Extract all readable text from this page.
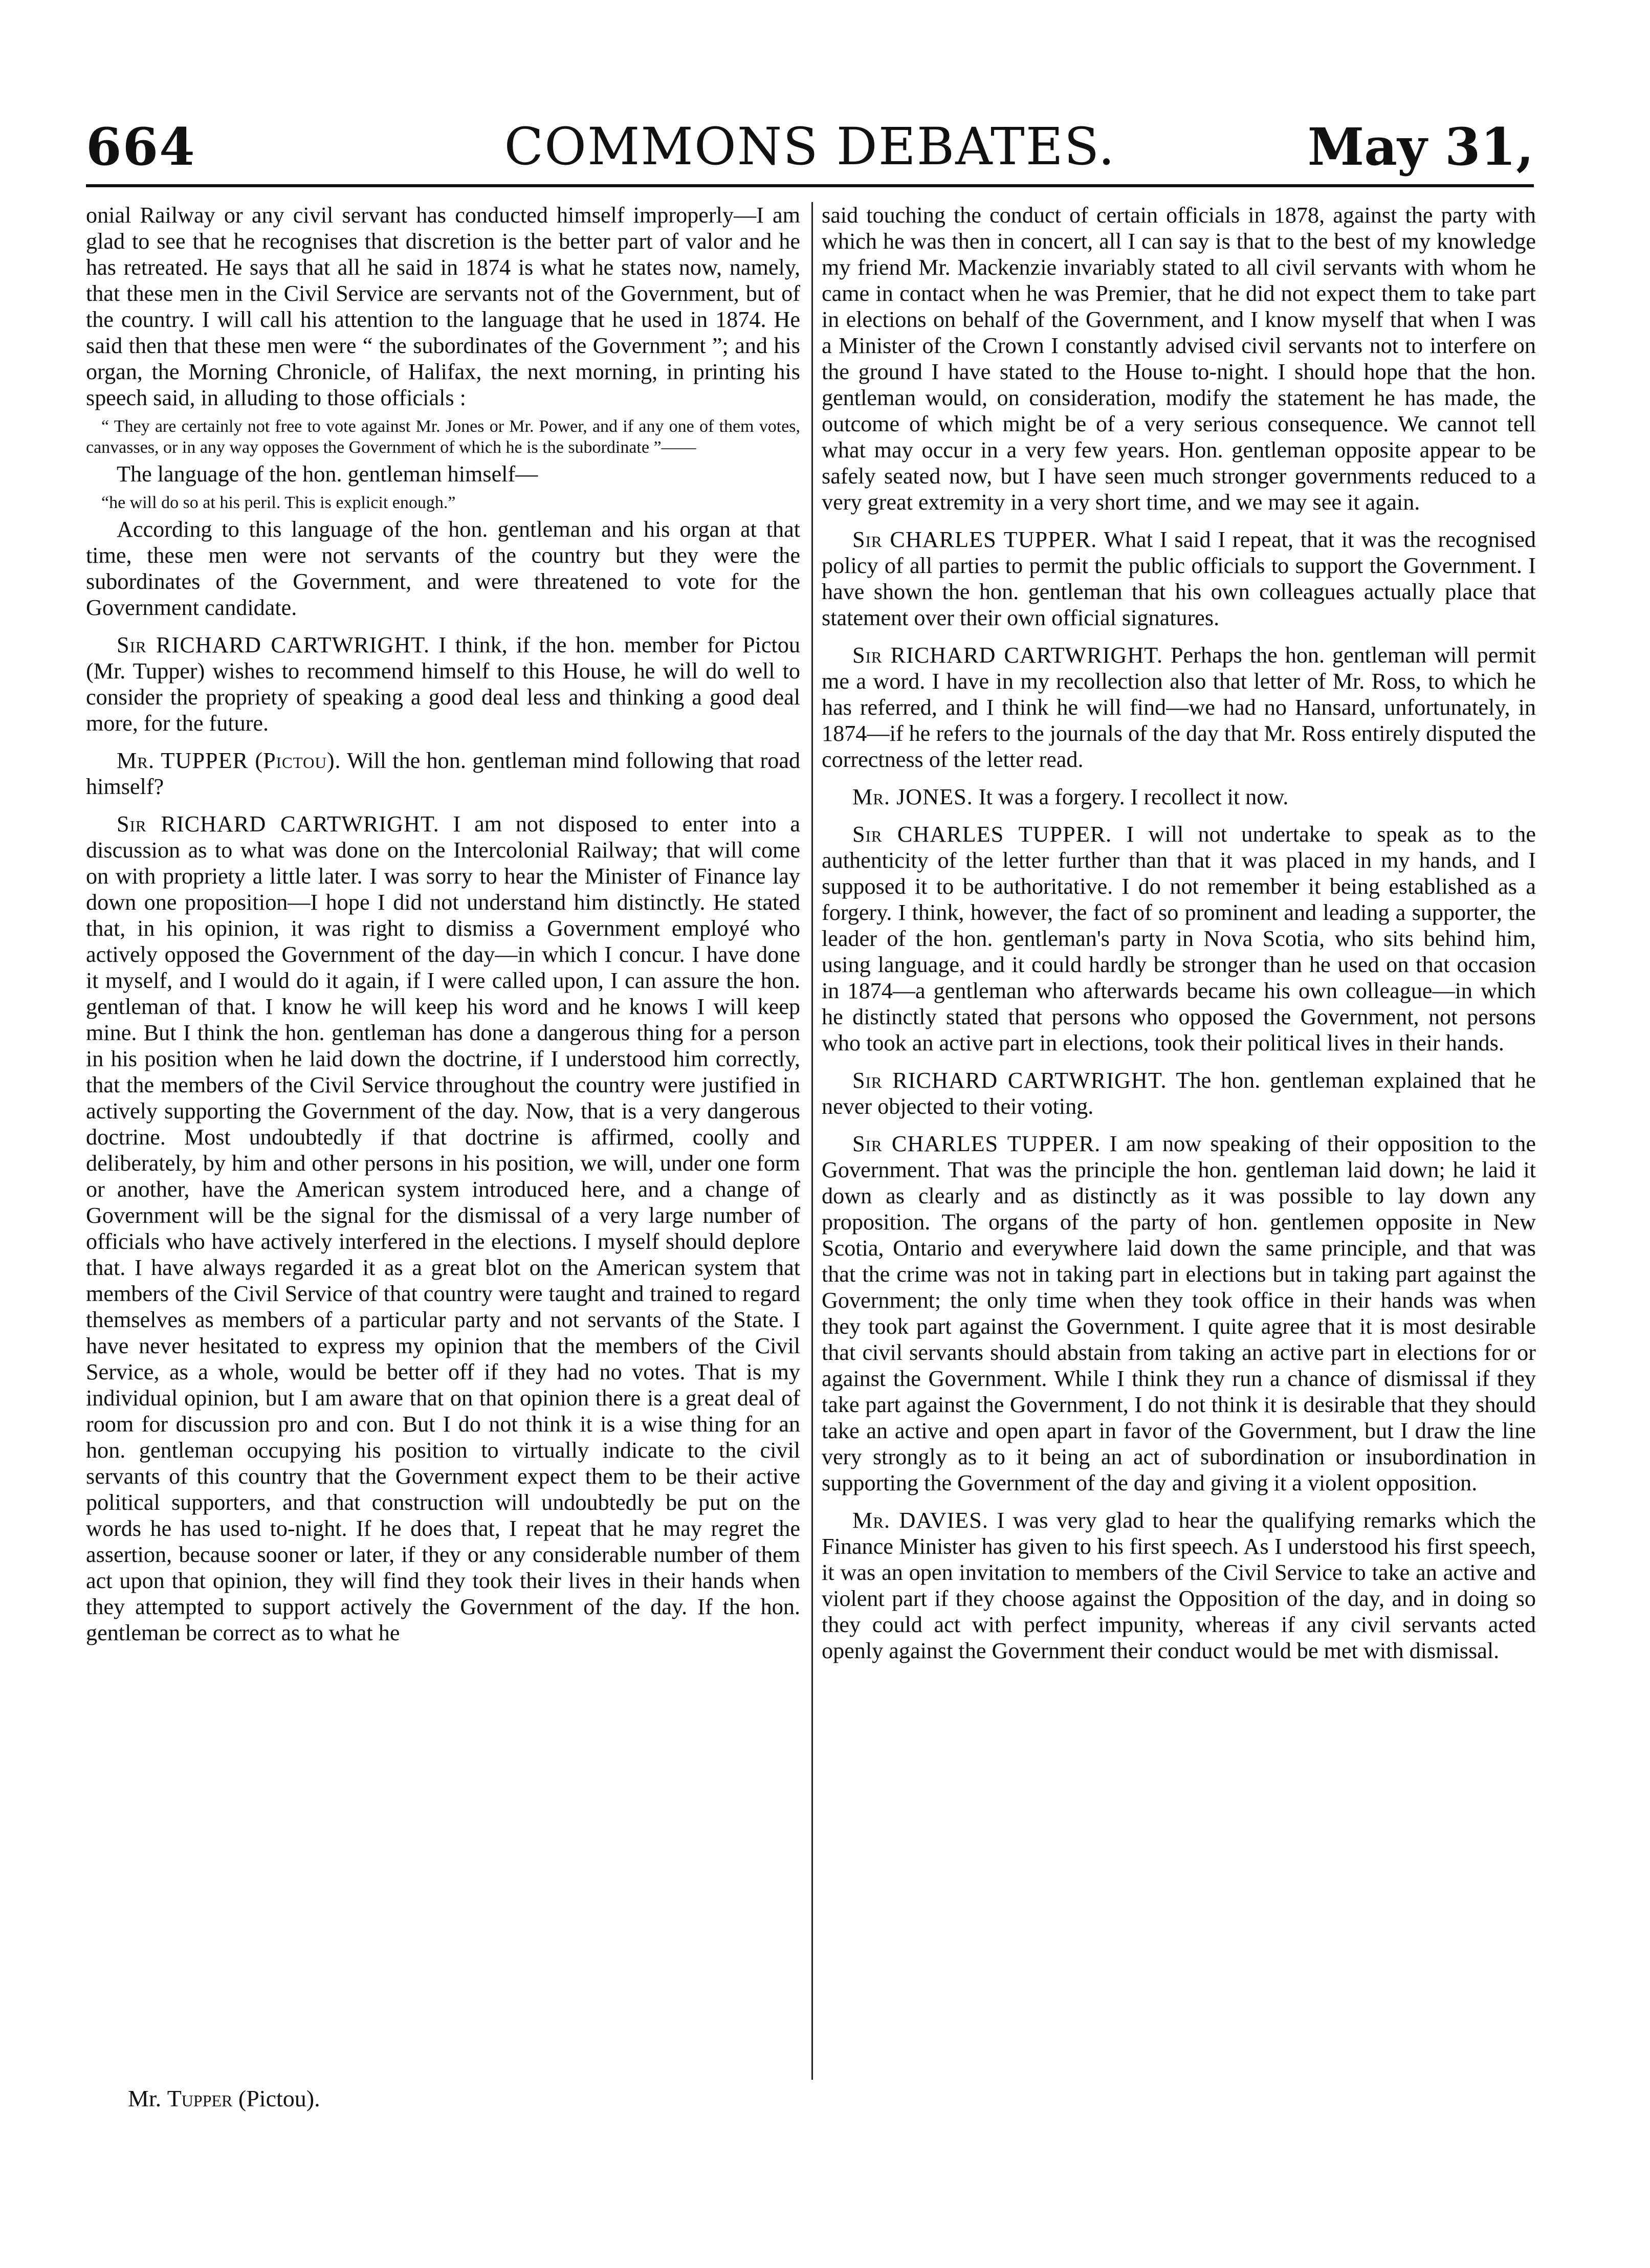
664	COMMONS DEBATES.	May 31,

onial Railway or any civil servant has conducted himself improperly—I am glad to see that he recognises that discretion is the better part of valor and he has retreated. He says that all he said in 1874 is what he states now, namely, that these men in the Civil Service are servants not of the Government, but of the country. I will call his attention to the language that he used in 1874. He said then that these men were “ the subordinates of the Government ”; and his organ, the Morning Chronicle, of Halifax, the next morning, in printing his speech said, in alluding to those officials :

“ They are certainly not free to vote against Mr. Jones or Mr. Power, and if any one of them votes, canvasses, or in any way opposes the Government of which he is the subordinate ”——

The language of the hon. gentleman himself—

“he will do so at his peril. This is explicit enough.”

According to this language of the hon. gentleman and his organ at that time, these men were not servants of the country but they were the subordinates of the Government, and were threatened to vote for the Government candidate.

Sir RICHARD CARTWRIGHT. I think, if the hon. member for Pictou (Mr. Tupper) wishes to recommend himself to this House, he will do well to consider the propriety of speaking a good deal less and thinking a good deal more, for the future.

Mr. TUPPER (Pictou). Will the hon. gentleman mind following that road himself?

Sir RICHARD CARTWRIGHT. I am not disposed to enter into a discussion as to what was done on the Intercolonial Railway; that will come on with propriety a little later. I was sorry to hear the Minister of Finance lay down one proposition—I hope I did not understand him distinctly. He stated that, in his opinion, it was right to dismiss a Government employé who actively opposed the Government of the day—in which I concur. I have done it myself, and I would do it again, if I were called upon, I can assure the hon. gentleman of that. I know he will keep his word and he knows I will keep mine. But I think the hon. gentleman has done a dangerous thing for a person in his position when he laid down the doctrine, if I understood him correctly, that the members of the Civil Service throughout the country were justified in actively supporting the Government of the day. Now, that is a very dangerous doctrine. Most undoubtedly if that doctrine is affirmed, coolly and deliberately, by him and other persons in his position, we will, under one form or another, have the American system introduced here, and a change of Government will be the signal for the dismissal of a very large number of officials who have actively interfered in the elections. I myself should deplore that. I have always regarded it as a great blot on the American system that members of the Civil Service of that country were taught and trained to regard themselves as members of a particular party and not servants of the State. I have never hesitated to express my opinion that the members of the Civil Service, as a whole, would be better off if they had no votes. That is my individual opinion, but I am aware that on that opinion there is a great deal of room for discussion pro and con. But I do not think it is a wise thing for an hon. gentleman occupying his position to virtually indicate to the civil servants of this country that the Government expect them to be their active political supporters, and that construction will undoubtedly be put on the words he has used to-night. If he does that, I repeat that he may regret the assertion, because sooner or later, if they or any considerable number of them act upon that opinion, they will find they took their lives in their hands when they attempted to support actively the Government of the day. If the hon. gentleman be correct as to what he

said touching the conduct of certain officials in 1878, against the party with which he was then in concert, all I can say is that to the best of my knowledge my friend Mr. Mackenzie invariably stated to all civil servants with whom he came in contact when he was Premier, that he did not expect them to take part in elections on behalf of the Government, and I know myself that when I was a Minister of the Crown I constantly advised civil servants not to interfere on the ground I have stated to the House to-night. I should hope that the hon. gentleman would, on consideration, modify the statement he has made, the outcome of which might be of a very serious consequence. We cannot tell what may occur in a very few years. Hon. gentleman opposite appear to be safely seated now, but I have seen much stronger governments reduced to a very great extremity in a very short time, and we may see it again.

Sir CHARLES TUPPER. What I said I repeat, that it was the recognised policy of all parties to permit the public officials to support the Government. I have shown the hon. gentleman that his own colleagues actually place that statement over their own official signatures.

Sir RICHARD CARTWRIGHT. Perhaps the hon. gentleman will permit me a word. I have in my recollection also that letter of Mr. Ross, to which he has referred, and I think he will find—we had no Hansard, unfortunately, in 1874—if he refers to the journals of the day that Mr. Ross entirely disputed the correctness of the letter read.

Mr. JONES. It was a forgery. I recollect it now.

Sir CHARLES TUPPER. I will not undertake to speak as to the authenticity of the letter further than that it was placed in my hands, and I supposed it to be authoritative. I do not remember it being established as a forgery. I think, however, the fact of so prominent and leading a supporter, the leader of the hon. gentleman's party in Nova Scotia, who sits behind him, using language, and it could hardly be stronger than he used on that occasion in 1874—a gentleman who afterwards became his own colleague—in which he distinctly stated that persons who opposed the Government, not persons who took an active part in elections, took their political lives in their hands.

Sir RICHARD CARTWRIGHT. The hon. gentleman explained that he never objected to their voting.

Sir CHARLES TUPPER. I am now speaking of their opposition to the Government. That was the principle the hon. gentleman laid down; he laid it down as clearly and as distinctly as it was possible to lay down any proposition. The organs of the party of hon. gentlemen opposite in New Scotia, Ontario and everywhere laid down the same principle, and that was that the crime was not in taking part in elections but in taking part against the Government; the only time when they took office in their hands was when they took part against the Government. I quite agree that it is most desirable that civil servants should abstain from taking an active part in elections for or against the Government. While I think they run a chance of dismissal if they take part against the Government, I do not think it is desirable that they should take an active and open apart in favor of the Government, but I draw the line very strongly as to it being an act of subordination or insubordination in supporting the Government of the day and giving it a violent opposition.

Mr. DAVIES. I was very glad to hear the qualifying remarks which the Finance Minister has given to his first speech. As I understood his first speech, it was an open invitation to members of the Civil Service to take an active and violent part if they choose against the Opposition of the day, and in doing so they could act with perfect impunity, whereas if any civil servants acted openly against the Government their conduct would be met with dismissal.

Mr. Tupper (Pictou).
